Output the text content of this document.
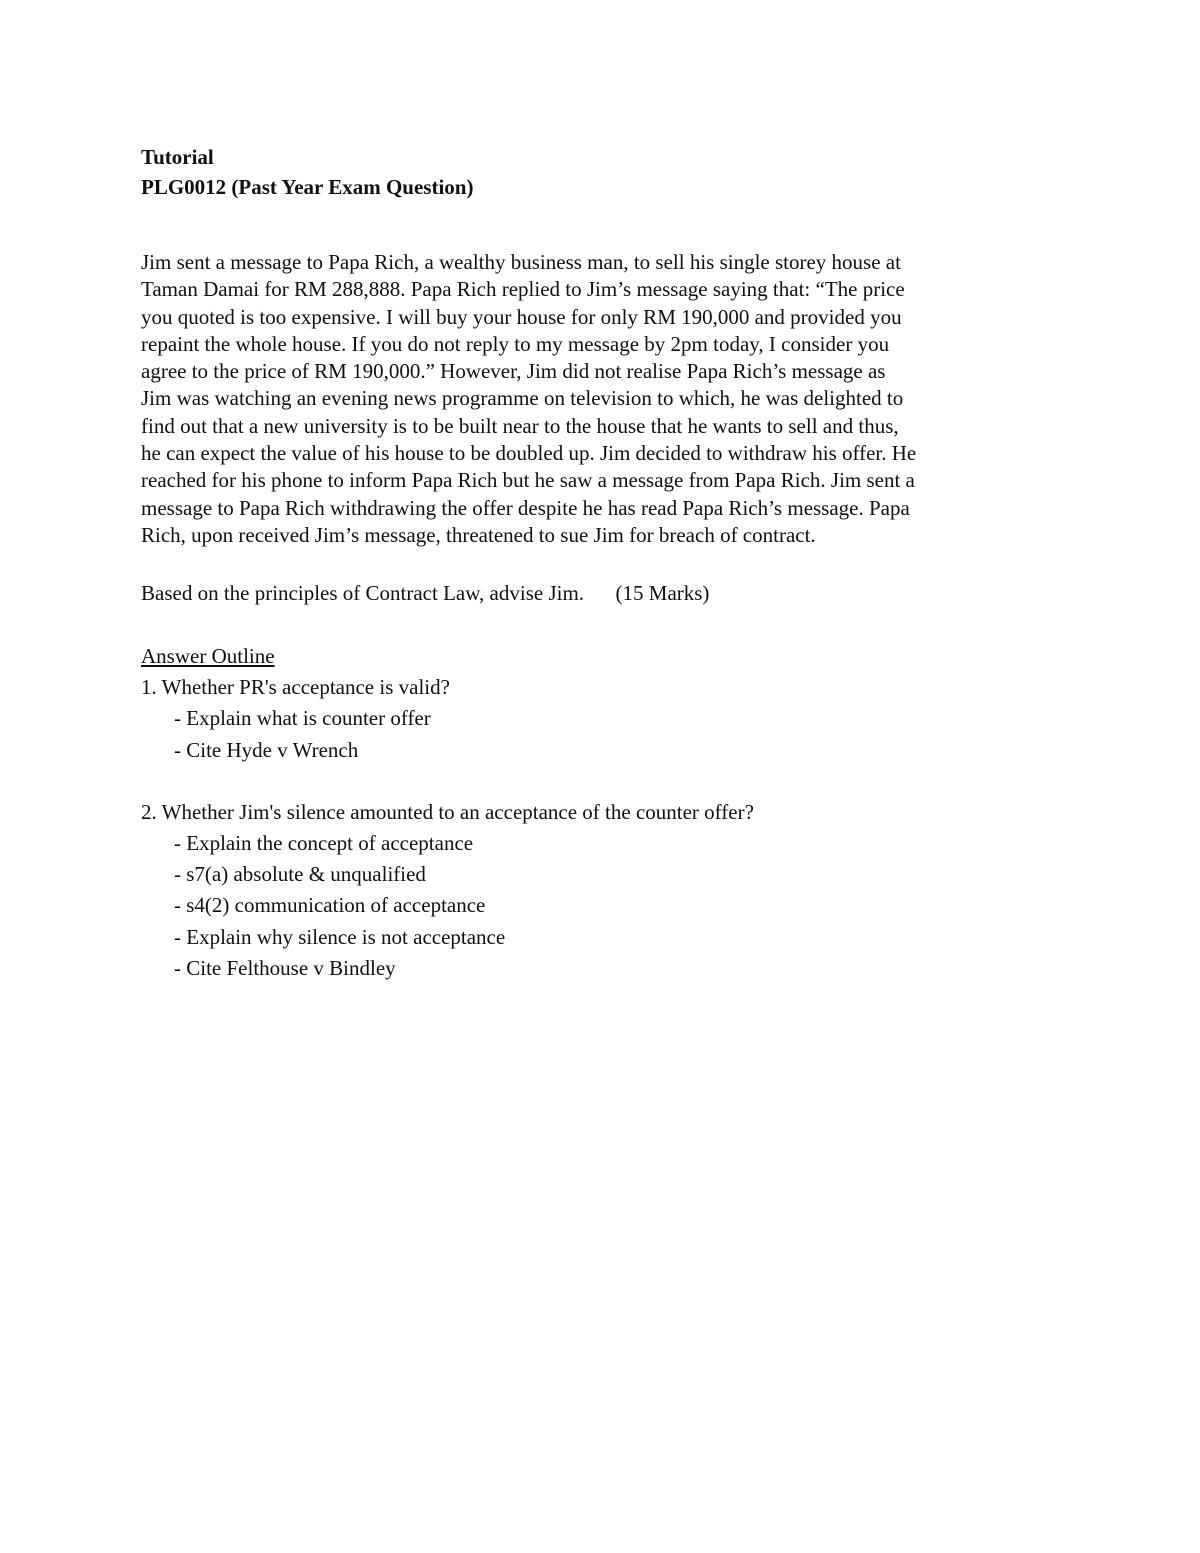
Tutorial
PLG0012 (Past Year Exam Question)
Jim sent a message to Papa Rich, a wealthy business man, to sell his single storey house at
Taman Damai for RM 288,888. Papa Rich replied to Jim’s message saying that: “The price
you quoted is too expensive. I will buy your house for only RM 190,000 and provided you
repaint the whole house. If you do not reply to my message by 2pm today, I consider you
agree to the price of RM 190,000.” However, Jim did not realise Papa Rich’s message as
Jim was watching an evening news programme on television to which, he was delighted to
find out that a new university is to be built near to the house that he wants to sell and thus,
he can expect the value of his house to be doubled up. Jim decided to withdraw his offer. He
reached for his phone to inform Papa Rich but he saw a message from Papa Rich. Jim sent a
message to Papa Rich withdrawing the offer despite he has read Papa Rich’s message. Papa
Rich, upon received Jim’s message, threatened to sue Jim for breach of contract.
Based on the principles of Contract Law, advise Jim. (15 Marks)
Answer Outline
1. Whether PR's acceptance is valid?
- Explain what is counter offer
- Cite Hyde v Wrench
2. Whether Jim's silence amounted to an acceptance of the counter offer?
- Explain the concept of acceptance
- s7(a) absolute & unqualified
- s4(2) communication of acceptance
- Explain why silence is not acceptance
- Cite Felthouse v Bindley
